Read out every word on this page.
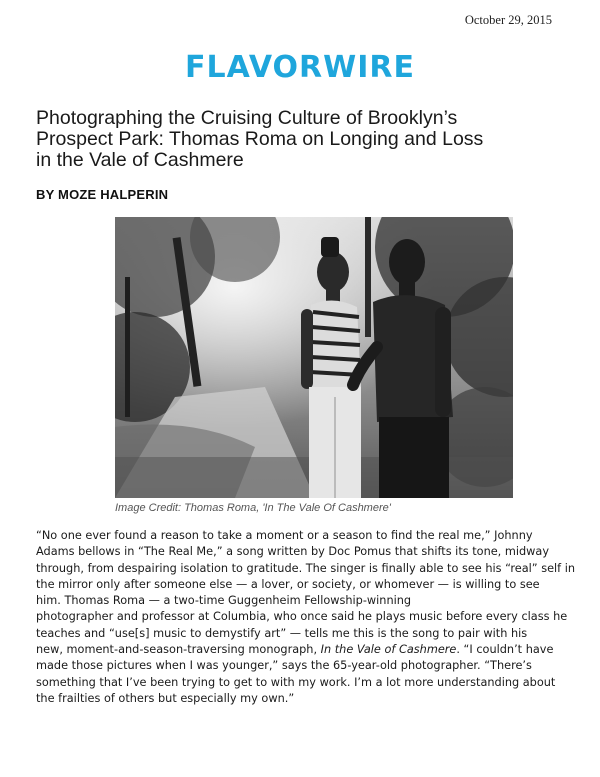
October 29, 2015
FLAVORWIRE
Photographing the Cruising Culture of Brooklyn’s
Prospect Park: Thomas Roma on Longing and Loss
in the Vale of Cashmere
BY MOZE HALPERIN
Image Credit: Thomas Roma, 'In The Vale Of Cashmere'
“No one ever found a reason to take a moment or a season to find the real me,” Johnny
Adams bellows in “The Real Me,” a song written by Doc Pomus that shifts its tone, midway
through, from despairing isolation to gratitude. The singer is finally able to see his “real” self in
the mirror only after someone else — a lover, or society, or whomever — is willing to see
him. Thomas Roma — a two-time Guggenheim Fellowship-winning
photographer and professor at Columbia, who once said he plays music before every class he
teaches and “use[s] music to demystify art” — tells me this is the song to pair with his
new, moment-and-season-traversing monograph, In the Vale of Cashmere. “I couldn’t have
made those pictures when I was younger,” says the 65-year-old photographer. “There’s
something that I’ve been trying to get to with my work. I’m a lot more understanding about
the frailties of others but especially my own.”
